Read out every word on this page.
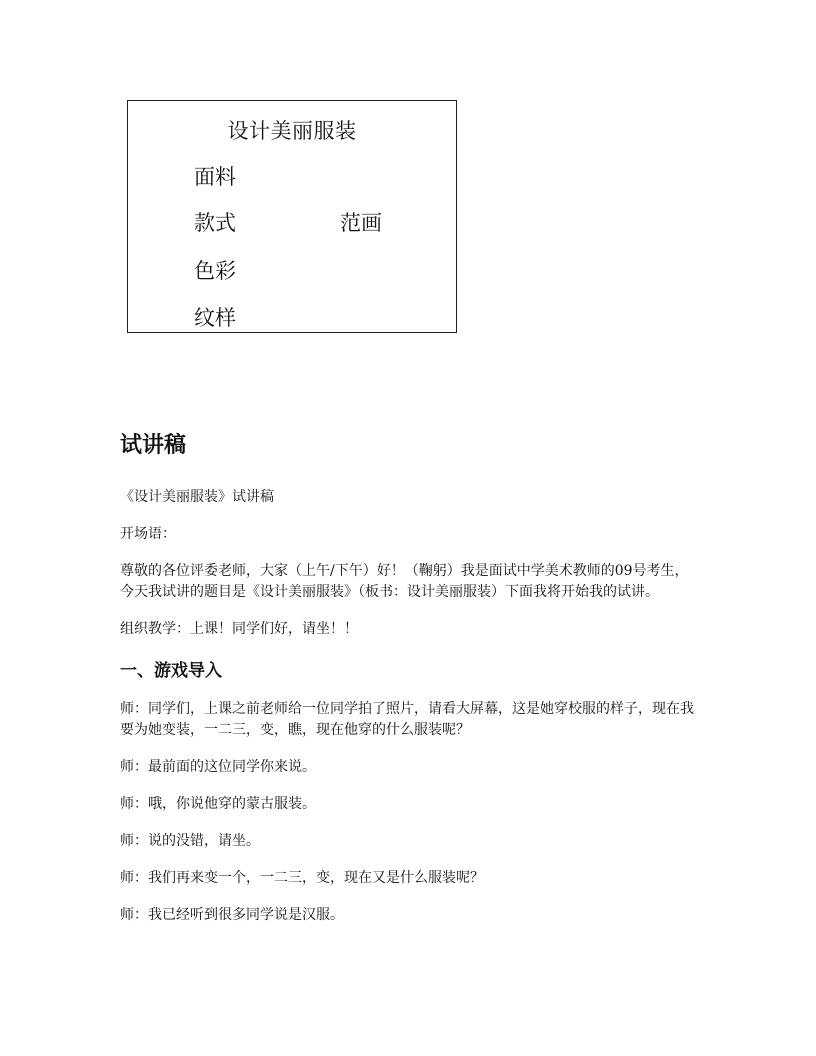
设计美丽服装
面料
款式
色彩
纹样
范画
试讲稿

《设计美丽服装》试讲稿

开场语：

尊敬的各位评委老师，大家（上午/下午）好！（鞠躬）我是面试中学美术教师的09号考生，今天我试讲的题目是《设计美丽服装》（板书：设计美丽服装）下面我将开始我的试讲。

组织教学：上课！同学们好，请坐！！

一、游戏导入

师：同学们，上课之前老师给一位同学拍了照片，请看大屏幕，这是她穿校服的样子，现在我要为她变装，一二三，变，瞧，现在他穿的什么服装呢？

师：最前面的这位同学你来说。

师：哦，你说他穿的蒙古服装。

师：说的没错，请坐。

师：我们再来变一个，一二三，变，现在又是什么服装呢？

师：我已经听到很多同学说是汉服。
